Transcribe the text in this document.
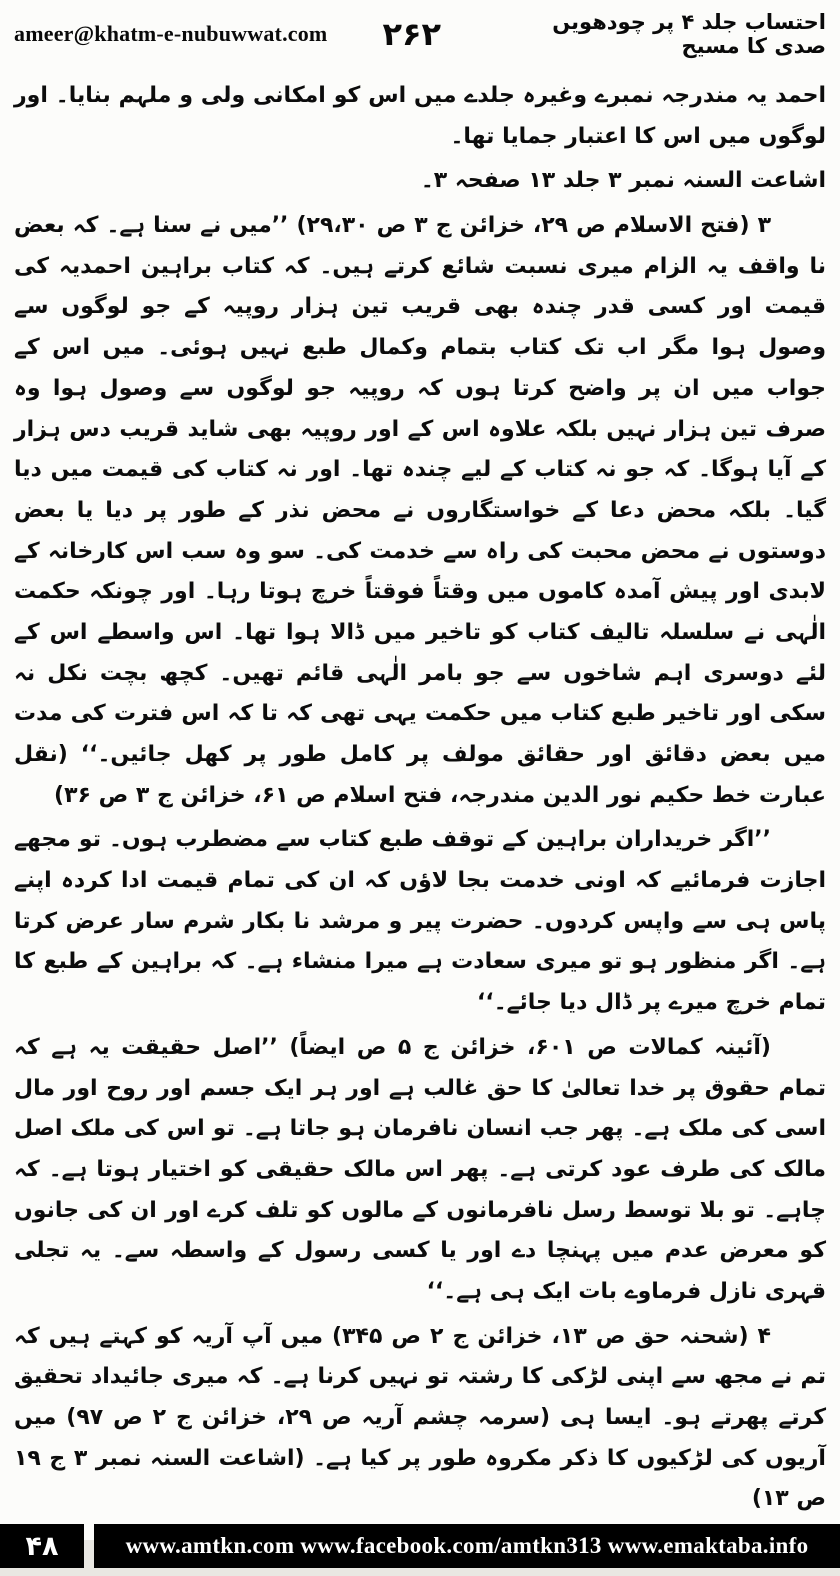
ameer@khatm-e-nubuwwat.com ۲۶۲	احتساب جلد ۴ پر چودھویں صدی کا مسیح

احمد یہ مندرجہ نمبرے وغیرہ جلدے میں اس کو امکانی ولی و ملہم بنایا۔ اور لوگوں میں اس کا اعتبار جمایا تھا۔

اشاعت السنہ نمبر ۳ جلد ۱۳ صفحہ ۳۔

۳ (فتح الاسلام ص ۲۹، خزائن ج ۳ ص ۲۹،۳۰) ’’میں نے سنا ہے۔ کہ بعض نا واقف یہ الزام میری نسبت شائع کرتے ہیں۔ کہ کتاب براہین احمدیہ کی قیمت اور کسی قدر چندہ بھی قریب تین ہزار روپیہ کے جو لوگوں سے وصول ہوا مگر اب تک کتاب بتمام وکمال طبع نہیں ہوئی۔ میں اس کے جواب میں ان پر واضح کرتا ہوں کہ روپیہ جو لوگوں سے وصول ہوا وہ صرف تین ہزار نہیں بلکہ علاوہ اس کے اور روپیہ بھی شاید قریب دس ہزار کے آیا ہوگا۔ کہ جو نہ کتاب کے لیے چندہ تھا۔ اور نہ کتاب کی قیمت میں دیا گیا۔ بلکہ محض دعا کے خواستگاروں نے محض نذر کے طور پر دیا یا بعض دوستوں نے محض محبت کی راہ سے خدمت کی۔ سو وہ سب اس کارخانہ کے لابدی اور پیش آمدہ کاموں میں وقتاً فوقتاً خرچ ہوتا رہا۔ اور چونکہ حکمت الٰہی نے سلسلہ تالیف کتاب کو تاخیر میں ڈالا ہوا تھا۔ اس واسطے اس کے لئے دوسری اہم شاخوں سے جو بامر الٰہی قائم تھیں۔ کچھ بچت نکل نہ سکی اور تاخیر طبع کتاب میں حکمت یہی تھی کہ تا کہ اس فترت کی مدت میں بعض دقائق اور حقائق مولف پر کامل طور پر کھل جائیں۔‘‘ (نقل عبارت خط حکیم نور الدین مندرجہ، فتح اسلام ص ۶۱، خزائن ج ۳ ص ۳۶)

’’اگر خریداران براہین کے توقف طبع کتاب سے مضطرب ہوں۔ تو مجھے اجازت فرمائیے کہ اونی خدمت بجا لاؤں کہ ان کی تمام قیمت ادا کردہ اپنے پاس ہی سے واپس کردوں۔ حضرت پیر و مرشد نا بکار شرم سار عرض کرتا ہے۔ اگر منظور ہو تو میری سعادت ہے میرا منشاء ہے۔ کہ براہین کے طبع کا تمام خرچ میرے پر ڈال دیا جائے۔‘‘

(آئینہ کمالات ص ۶۰۱، خزائن ج ۵ ص ایضاً) ’’اصل حقیقت یہ ہے کہ تمام حقوق پر خدا تعالیٰ کا حق غالب ہے اور ہر ایک جسم اور روح اور مال اسی کی ملک ہے۔ پھر جب انسان نافرمان ہو جاتا ہے۔ تو اس کی ملک اصل مالک کی طرف عود کرتی ہے۔ پھر اس مالک حقیقی کو اختیار ہوتا ہے۔ کہ چاہے۔ تو بلا توسط رسل نافرمانوں کے مالوں کو تلف کرے اور ان کی جانوں کو معرض عدم میں پہنچا دے اور یا کسی رسول کے واسطہ سے۔ یہ تجلی قہری نازل فرماوے بات ایک ہی ہے۔‘‘

۴ (شحنہ حق ص ۱۳، خزائن ج ۲ ص ۳۴۵) میں آپ آریہ کو کہتے ہیں کہ تم نے مجھ سے اپنی لڑکی کا رشتہ تو نہیں کرنا ہے۔ کہ میری جائیداد تحقیق کرتے پھرتے ہو۔ ایسا ہی (سرمہ چشم آریہ ص ۲۹، خزائن ج ۲ ص ۹۷) میں آریوں کی لڑکیوں کا ذکر مکروہ طور پر کیا ہے۔ (اشاعت السنہ نمبر ۳ ج ۱۹ ص ۱۳)

۴۸	www.amtkn.com www.facebook.com/amtkn313 www.emaktaba.info
